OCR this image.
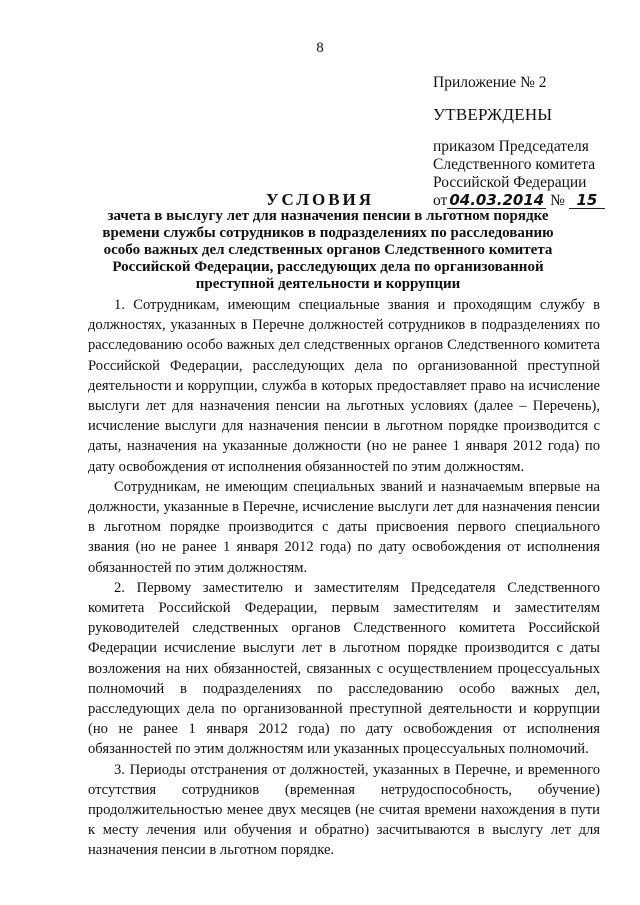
8
Приложение № 2
УТВЕРЖДЕНЫ
приказом Председателя
Следственного комитета
Российской Федерации
от 04.03.2014 № 15
УСЛОВИЯ
зачета в выслугу лет для назначения пенсии в льготном порядке времени службы сотрудников в подразделениях по расследованию особо важных дел следственных органов Следственного комитета Российской Федерации, расследующих дела по организованной преступной деятельности и коррупции

1. Сотрудникам, имеющим специальные звания и проходящим службу в должностях, указанных в Перечне должностей сотрудников в подразделениях по расследованию особо важных дел следственных органов Следственного комитета Российской Федерации, расследующих дела по организованной преступной деятельности и коррупции, служба в которых предоставляет право на исчисление выслуги лет для назначения пенсии на льготных условиях (далее – Перечень), исчисление выслуги для назначения пенсии в льготном порядке производится с даты, назначения на указанные должности (но не ранее 1 января 2012 года) по дату освобождения от исполнения обязанностей по этим должностям.

Сотрудникам, не имеющим специальных званий и назначаемым впервые на должности, указанные в Перечне, исчисление выслуги лет для назначения пенсии в льготном порядке производится с даты присвоения первого специального звания (но не ранее 1 января 2012 года) по дату освобождения от исполнения обязанностей по этим должностям.

2. Первому заместителю и заместителям Председателя Следственного комитета Российской Федерации, первым заместителям и заместителям руководителей следственных органов Следственного комитета Российской Федерации исчисление выслуги лет в льготном порядке производится с даты возложения на них обязанностей, связанных с осуществлением процессуальных полномочий в подразделениях по расследованию особо важных дел, расследующих дела по организованной преступной деятельности и коррупции (но не ранее 1 января 2012 года) по дату освобождения от исполнения обязанностей по этим должностям или указанных процессуальных полномочий.

3. Периоды отстранения от должностей, указанных в Перечне, и временного отсутствия сотрудников (временная нетрудоспособность, обучение) продолжительностью менее двух месяцев (не считая времени нахождения в пути к месту лечения или обучения и обратно) засчитываются в выслугу лет для назначения пенсии в льготном порядке.
